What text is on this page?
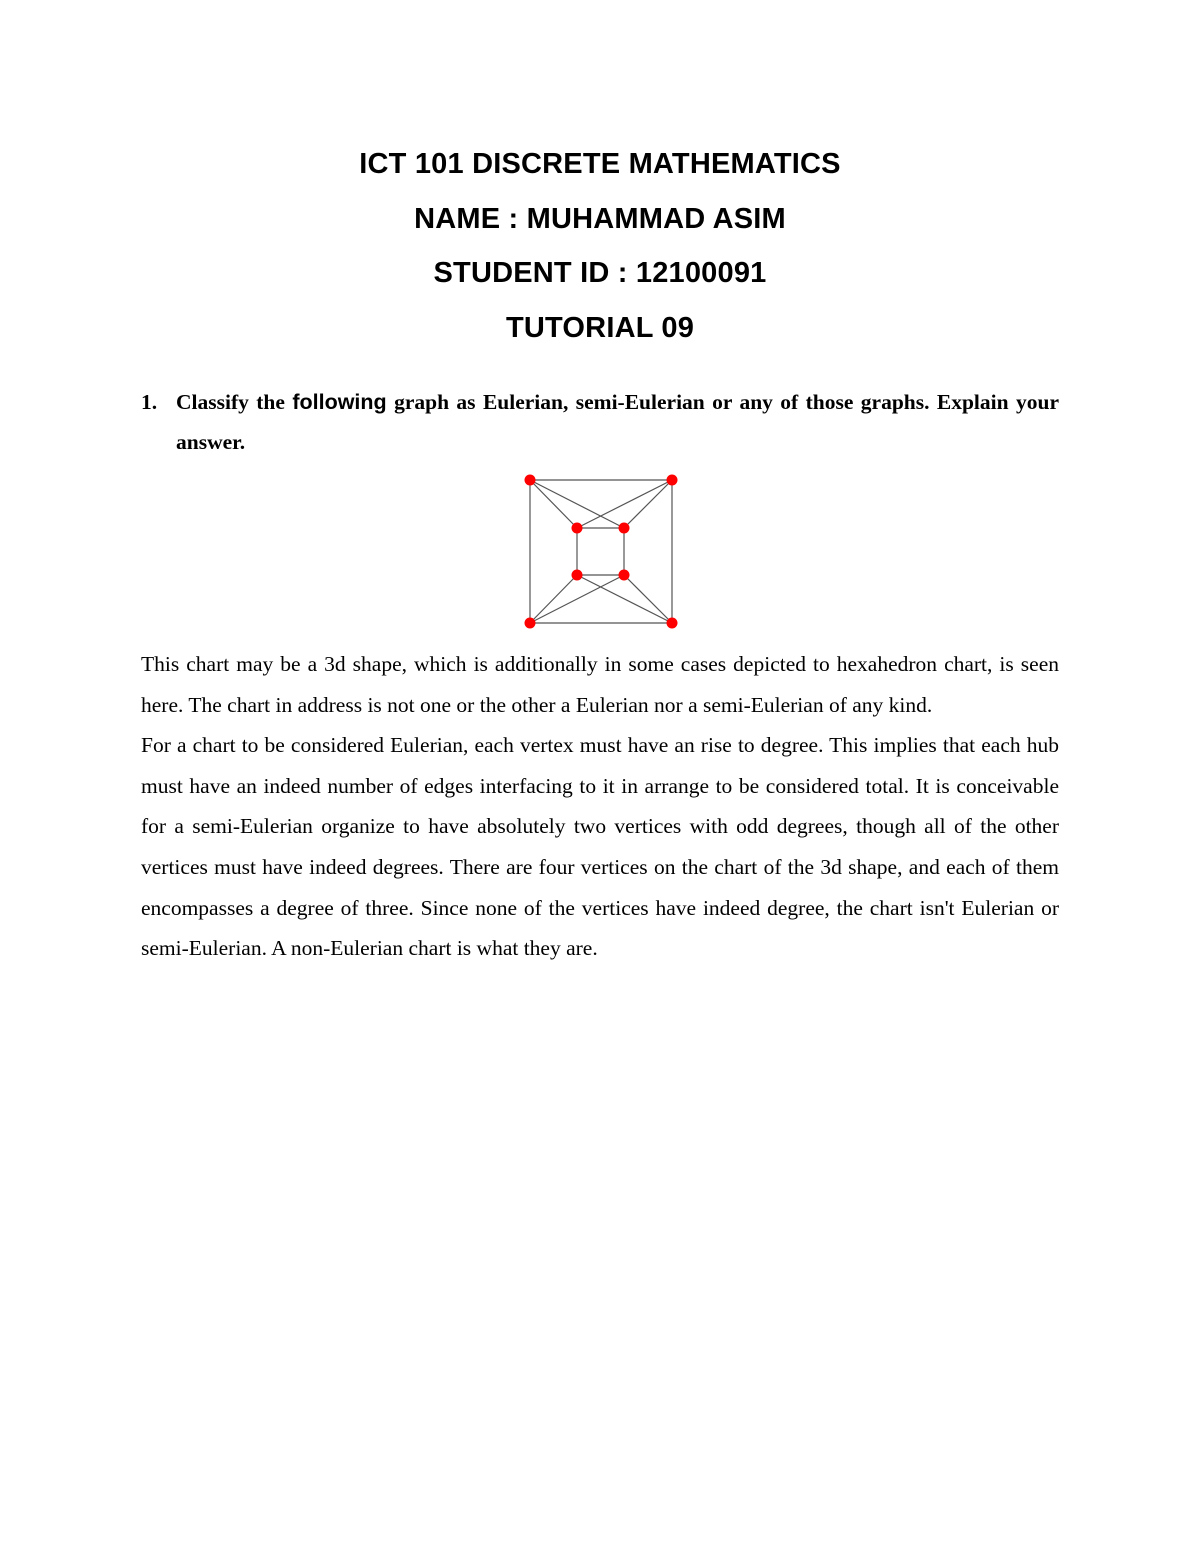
ICT 101 DISCRETE MATHEMATICS
NAME : MUHAMMAD ASIM
STUDENT ID : 12100091
TUTORIAL 09
1. Classify the following graph as Eulerian, semi-Eulerian or any of those graphs. Explain your answer.

This chart may be a 3d shape, which is additionally in some cases depicted to hexahedron chart, is seen here. The chart in address is not one or the other a Eulerian nor a semi-Eulerian of any kind.

For a chart to be considered Eulerian, each vertex must have an rise to degree. This implies that each hub must have an indeed number of edges interfacing to it in arrange to be considered total. It is conceivable for a semi-Eulerian organize to have absolutely two vertices with odd degrees, though all of the other vertices must have indeed degrees. There are four vertices on the chart of the 3d shape, and each of them encompasses a degree of three. Since none of the vertices have indeed degree, the chart isn't Eulerian or semi-Eulerian. A non-Eulerian chart is what they are.
